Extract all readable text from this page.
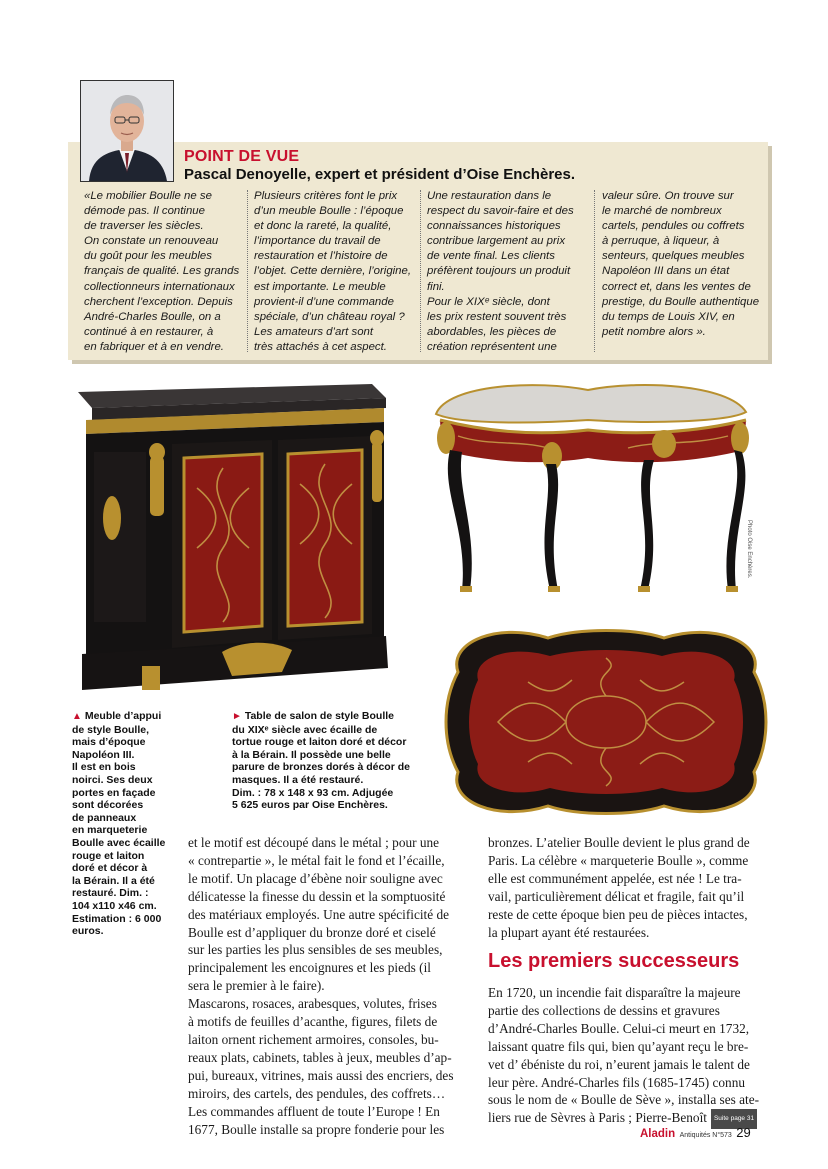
POINT DE VUE
Pascal Denoyelle, expert et président d’Oise Enchères.
«Le mobilier Boulle ne se
démode pas. Il continue
de traverser les siècles.
On constate un renouveau
du goût pour les meubles
français de qualité. Les grands
collectionneurs internationaux
cherchent l’exception. Depuis
André-Charles Boulle, on a
continué à en restaurer, à
en fabriquer et à en vendre.
Plusieurs critères font le prix
d’un meuble Boulle : l’époque
et donc la rareté, la qualité,
l’importance du travail de
restauration et l’histoire de
l’objet. Cette dernière, l’origine,
est importante. Le meuble
provient-il d’une commande
spéciale, d’un château royal ?
Les amateurs d’art sont
très attachés à cet aspect.
Une restauration dans le
respect du savoir-faire et des
connaissances historiques
contribue largement au prix
de vente final. Les clients
préfèrent toujours un produit
fini.
Pour le XIXᵉ siècle, dont
les prix restent souvent très
abordables, les pièces de
création représentent une
valeur sûre. On trouve sur
le marché de nombreux
cartels, pendules ou coffrets
à perruque, à liqueur, à
senteurs, quelques meubles
Napoléon III dans un état
correct et, dans les ventes de
prestige, du Boulle authentique
du temps de Louis XIV, en
petit nombre alors ».
Photo Oise Enchères.
▲ Meuble d’appui
de style Boulle,
mais d’époque
Napoléon III.
Il est en bois
noirci. Ses deux
portes en façade
sont décorées
de panneaux
en marqueterie
Boulle avec écaille
rouge et laiton
doré et décor à
la Bérain. Il a été
restauré. Dim. :
104 x110 x46 cm.
Estimation : 6 000
euros.
► Table de salon de style Boulle
du XIXᵉ siècle avec écaille de
tortue rouge et laiton doré et décor
à la Bérain. Il possède une belle
parure de bronzes dorés à décor de
masques. Il a été restauré.
Dim. : 78 x 148 x 93 cm. Adjugée
5 625 euros par Oise Enchères.
et le motif est découpé dans le métal ; pour une
« contrepartie », le métal fait le fond et l’écaille,
le motif. Un placage d’ébène noir souligne avec
délicatesse la finesse du dessin et la somptuosité
des matériaux employés. Une autre spécificité de
Boulle est d’appliquer du bronze doré et ciselé
sur les parties les plus sensibles de ses meubles,
principalement les encoignures et les pieds (il
sera le premier à le faire).
Mascarons, rosaces, arabesques, volutes, frises
à motifs de feuilles d’acanthe, figures, filets de
laiton ornent richement armoires, consoles, bu-
reaux plats, cabinets, tables à jeux, meubles d’ap-
pui, bureaux, vitrines, mais aussi des encriers, des
miroirs, des cartels, des pendules, des coffrets…
Les commandes affluent de toute l’Europe ! En
1677, Boulle installe sa propre fonderie pour les
bronzes. L’atelier Boulle devient le plus grand de
Paris. La célèbre « marqueterie Boulle », comme
elle est communément appelée, est née ! Le tra-
vail, particulièrement délicat et fragile, fait qu’il
reste de cette époque bien peu de pièces intactes,
la plupart ayant été restaurées.
Les premiers successeurs
En 1720, un incendie fait disparaître la majeure
partie des collections de dessins et gravures
d’André-Charles Boulle. Celui-ci meurt en 1732,
laissant quatre fils qui, bien qu’ayant reçu le bre-
vet d’ ébéniste du roi, n’eurent jamais le talent de
leur père. André-Charles fils (1685-1745) connu
sous le nom de « Boulle de Sève », installa ses ate-
liers rue de Sèvres à Paris ; Pierre-Benoît	Suite page 31
Aladin Antiquités N°573 29
